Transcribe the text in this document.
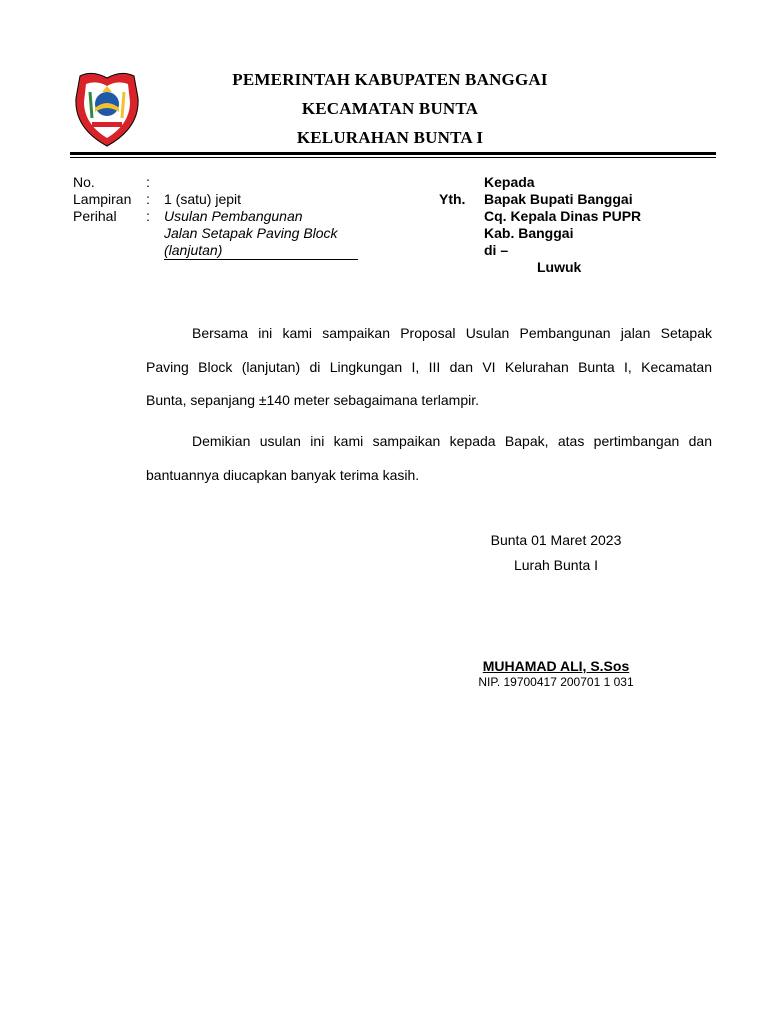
PEMERINTAH KABUPATEN BANGGAI
KECAMATAN BUNTA
KELURAHAN BUNTA I
No.	:
Lampiran : 1 (satu) jepit
Perihal : Usulan Pembangunan
Jalan Setapak Paving Block
(lanjutan)
Kepada
Yth. Bapak Bupati Banggai
Cq. Kepala Dinas PUPR
Kab. Banggai
di –
Luwuk
Bersama ini kami sampaikan Proposal Usulan Pembangunan jalan Setapak
Paving Block (lanjutan) di Lingkungan I, III dan VI Kelurahan Bunta I, Kecamatan
Bunta, sepanjang ±140 meter sebagaimana terlampir.
Demikian usulan ini kami sampaikan kepada Bapak, atas pertimbangan dan
bantuannya diucapkan banyak terima kasih.
Bunta 01 Maret 2023
Lurah Bunta I
MUHAMAD ALI, S.Sos
NIP. 19700417 200701 1 031
